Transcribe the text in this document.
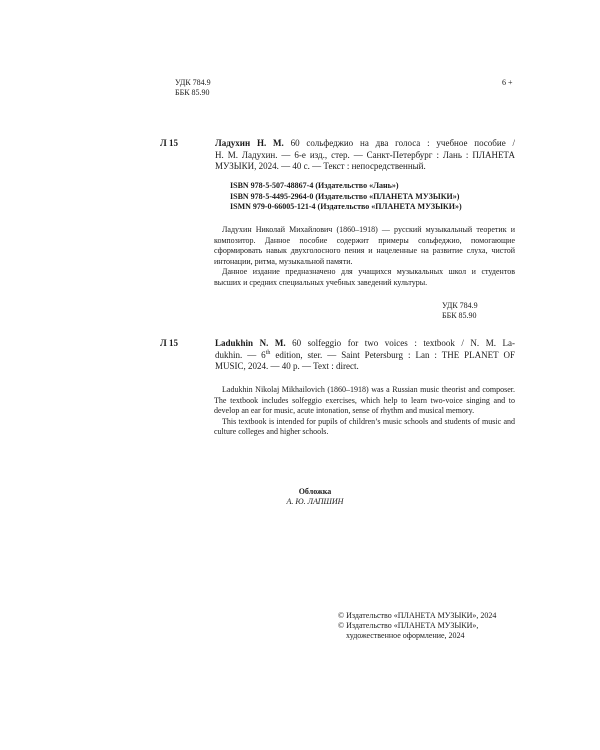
УДК 784.9
ББК 85.90
6 +
Л 15	Ладухин Н. М. 60 сольфеджио на два голоса : учебное пособие /
Н. М. Ладухин. — 6-е изд., стер. — Санкт-Петербург : Лань : ПЛАНЕТА
МУЗЫКИ, 2024. — 40 с. — Текст : непосредственный.
ISBN 978-5-507-48867-4 (Издательство «Лань»)
ISBN 978-5-4495-2964-0 (Издательство «ПЛАНЕТА МУЗЫКИ»)
ISMN 979-0-66005-121-4 (Издательство «ПЛАНЕТА МУЗЫКИ»)

Ладухин Николай Михайлович (1860–1918) — русский музыкальный теоретик и композитор. Данное пособие содержит примеры сольфеджио, помогающие сформировать навык двухголосного пения и нацеленные на развитие слуха, чистой интонации, ритма, музыкальной памяти.

Данное издание предназначено для учащихся музыкальных школ и студентов высших и средних специальных учебных заведений культуры.

УДК 784.9
ББК 85.90
Л 15	Ladukhin N. M. 60 solfeggio for two voices : textbook / N. M. La-
dukhin. — 6th edition, ster. — Saint Petersburg : Lan : THE PLANET OF
MUSIC, 2024. — 40 p. — Text : direct.

Ladukhin Nikolaj Mikhailovich (1860–1918) was a Russian music theorist and composer. The textbook includes solfeggio exercises, which help to learn two-voice singing and to develop an ear for music, acute intonation, sense of rhythm and musical memory.

This textbook is intended for pupils of children’s music schools and students of music and culture colleges and higher schools.

Обложка
А. Ю. ЛАПШИН
© Издательство «ПЛАНЕТА МУЗЫКИ», 2024
© Издательство «ПЛАНЕТА МУЗЫКИ»,
художественное оформление, 2024
